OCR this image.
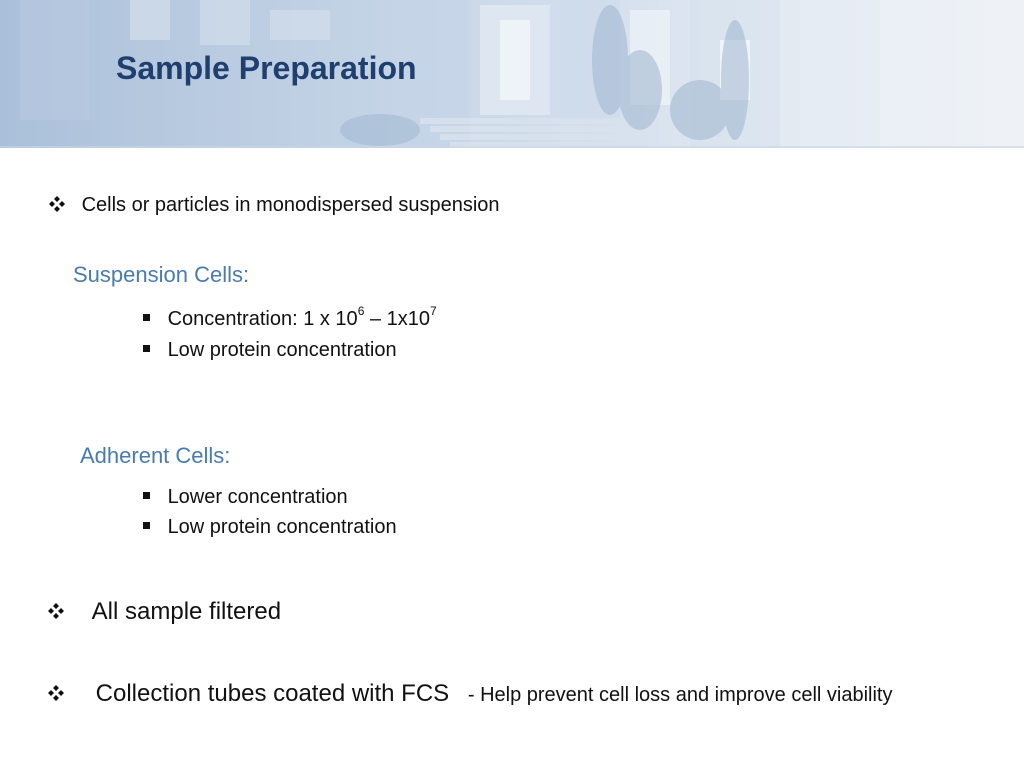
Sample Preparation
Cells or particles in monodispersed suspension
Suspension Cells:
Concentration: 1 x $10^6 - 1x10^7$
Low protein concentration
Adherent Cells:
Lower concentration
Low protein concentration
All sample filtered
Collection tubes coated with FCS - Help prevent cell loss and improve cell viability
